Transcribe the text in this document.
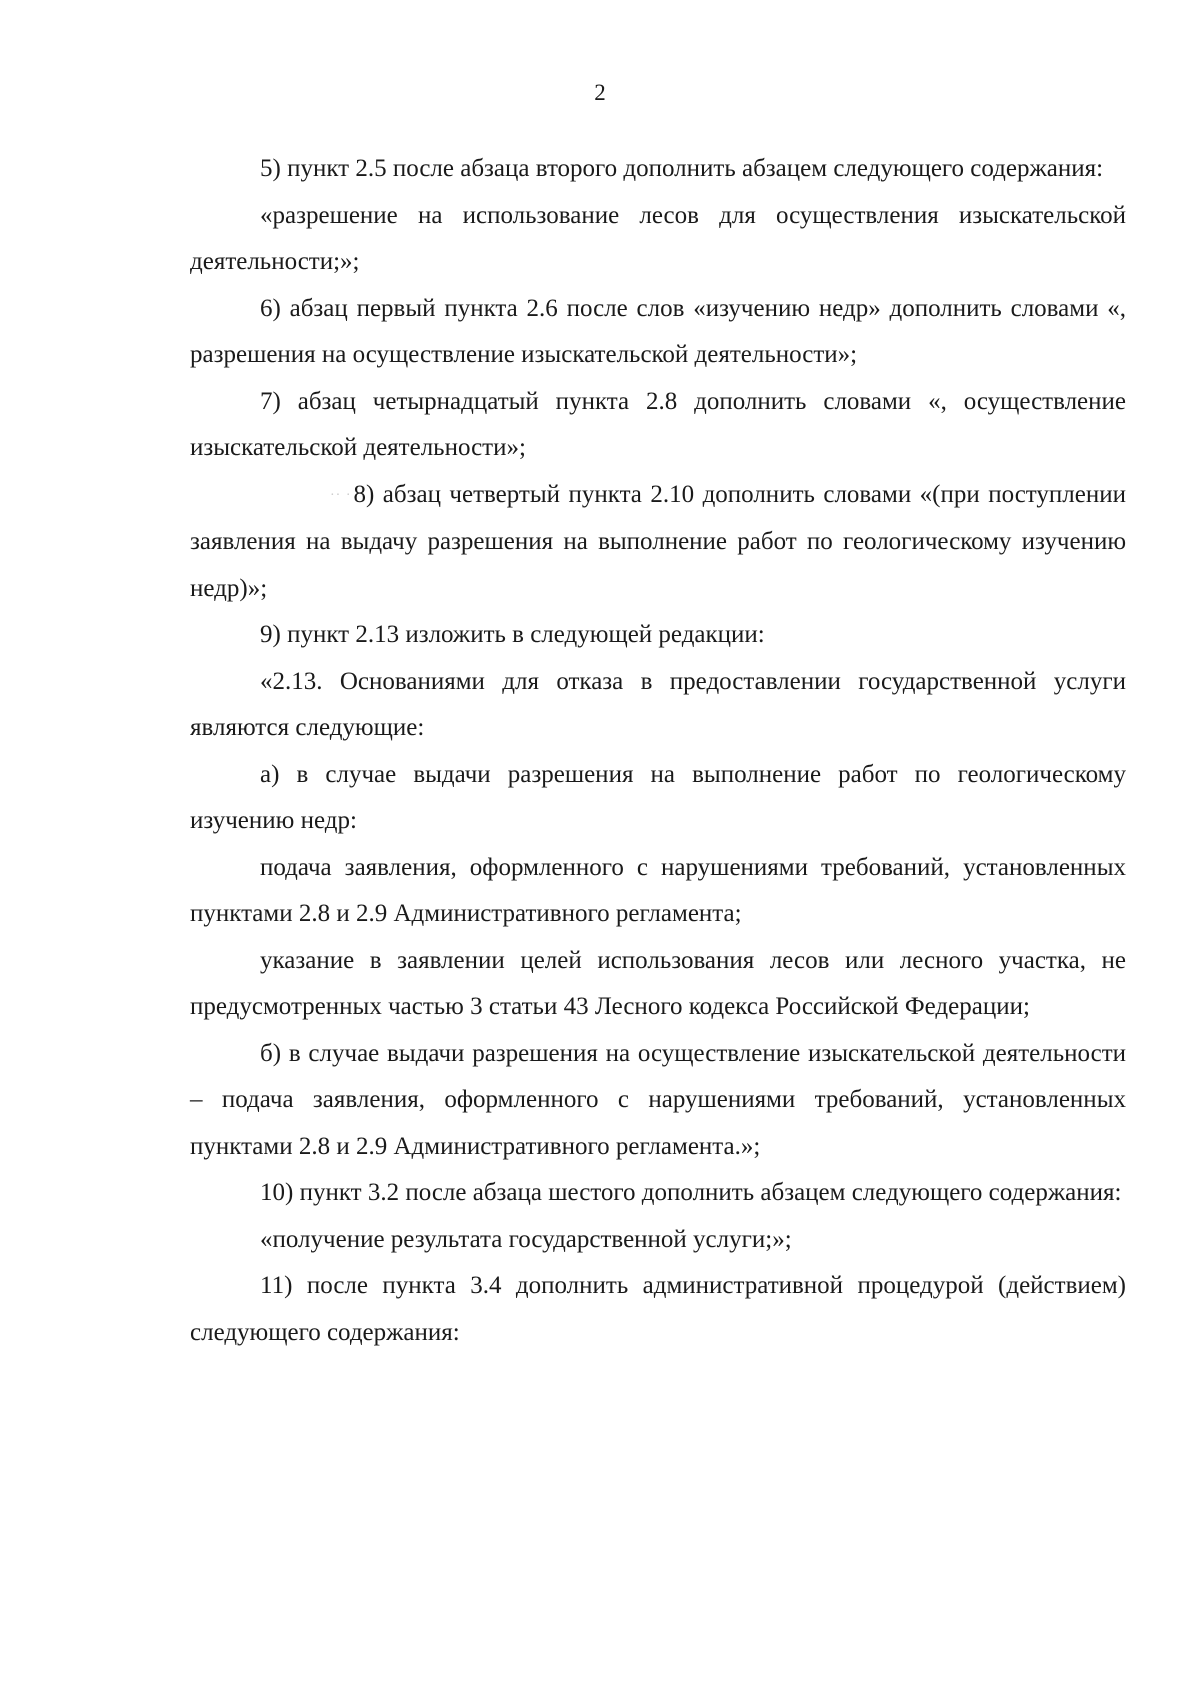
2

5) пункт 2.5 после абзаца второго дополнить абзацем следующего содержания:

«разрешение на использование лесов для осуществления изыскательской деятельности;»;

6) абзац первый пункта 2.6 после слов «изучению недр» дополнить словами «, разрешения на осуществление изыскательской деятельности»;

7) абзац четырнадцатый пункта 2.8 дополнить словами «, осуществление изыскательской деятельности»;

·· ·8) абзац четвертый пункта 2.10 дополнить словами «(при поступлении заявления на выдачу разрешения на выполнение работ по геологическому изучению недр)»;

9) пункт 2.13 изложить в следующей редакции:

«2.13. Основаниями для отказа в предоставлении государственной услуги являются следующие:

а) в случае выдачи разрешения на выполнение работ по геологическому изучению недр:

подача заявления, оформленного с нарушениями требований, установленных пунктами 2.8 и 2.9 Административного регламента;

указание в заявлении целей использования лесов или лесного участка, не предусмотренных частью 3 статьи 43 Лесного кодекса Российской Федерации;

б) в случае выдачи разрешения на осуществление изыскательской деятельности – подача заявления, оформленного с нарушениями требований, установленных пунктами 2.8 и 2.9 Административного регламента.»;

10) пункт 3.2 после абзаца шестого дополнить абзацем следующего содержания:

«получение результата государственной услуги;»;

11) после пункта 3.4 дополнить административной процедурой (действием) следующего содержания:
